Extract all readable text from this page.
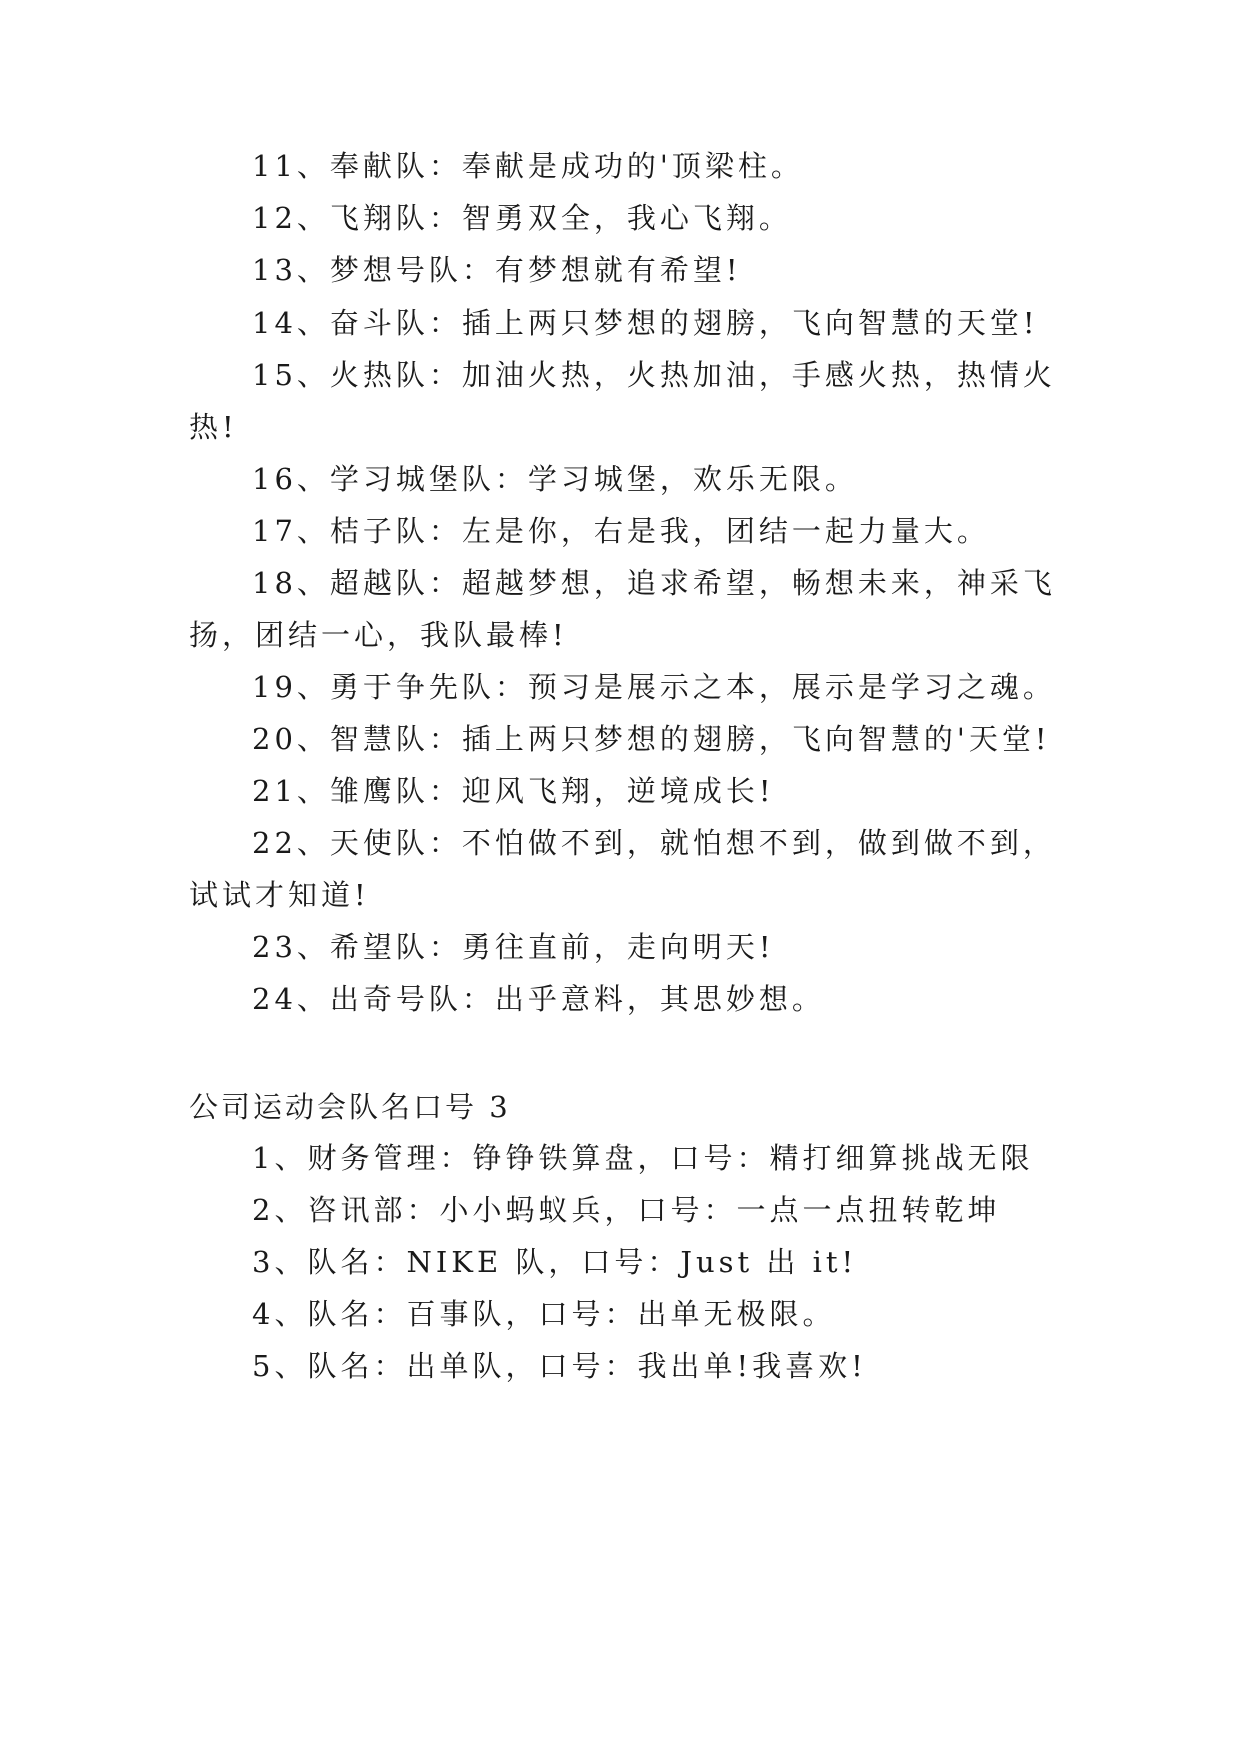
11、奉献队：奉献是成功的'顶梁柱。
12、飞翔队：智勇双全，我心飞翔。
13、梦想号队：有梦想就有希望!
14、奋斗队：插上两只梦想的翅膀，飞向智慧的天堂!
15、火热队：加油火热，火热加油，手感火热，热情火
热!
16、学习城堡队：学习城堡，欢乐无限。
17、桔子队：左是你，右是我，团结一起力量大。
18、超越队：超越梦想，追求希望，畅想未来，神采飞
扬，团结一心，我队最棒!
19、勇于争先队：预习是展示之本，展示是学习之魂。
20、智慧队：插上两只梦想的翅膀，飞向智慧的'天堂!
21、雏鹰队：迎风飞翔，逆境成长!
22、天使队：不怕做不到，就怕想不到，做到做不到，
试试才知道!
23、希望队：勇往直前，走向明天!
24、出奇号队：出乎意料，其思妙想。
公司运动会队名口号 3
1、财务管理：铮铮铁算盘，口号：精打细算挑战无限
2、咨讯部：小小蚂蚁兵，口号：一点一点扭转乾坤
3、队名：NIKE 队，口号：Just 出 it!
4、队名：百事队，口号：出单无极限。
5、队名：出单队，口号：我出单!我喜欢!
